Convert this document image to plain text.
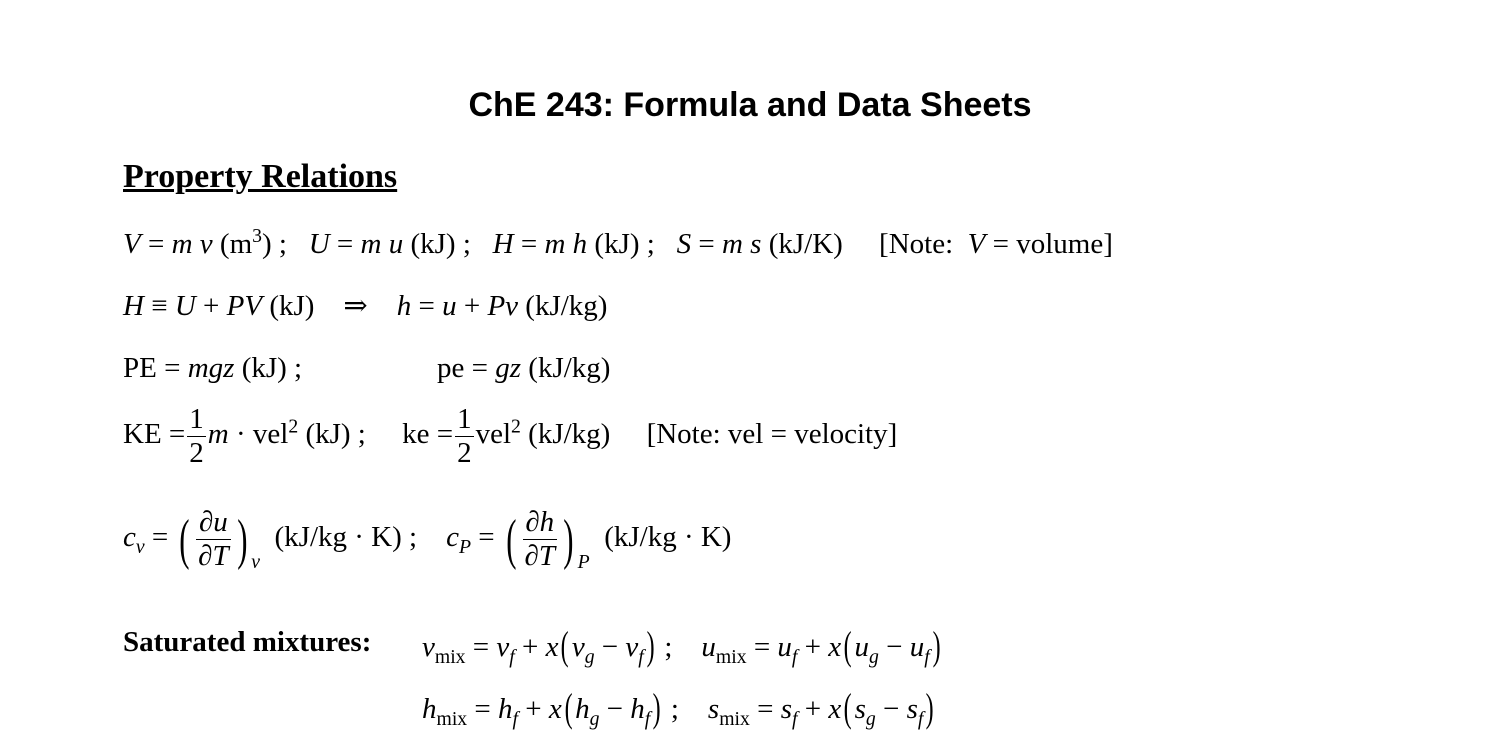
ChE 243: Formula and Data Sheets
Property Relations
V = m v $(m^3)$ ;   U = m u (kJ) ; H = m h (kJ) ; S = m s (kJ/K) [Note: V = volume]
H ≡ U + PV (kJ) ⇒ h = u + Pv (kJ/kg)
PE = mgz (kJ) ;	pe = gz (kJ/kg)
KE = $\frac{1}{2}$ m · vel$^2$ (kJ) ; ke = $\frac{1}{2} vel^2$ (kJ/kg) [Note: vel = velocity]
$c_v$ = ( $\frac{\partial u}{\partial T}$ ) $_v$  (kJ/kg · K) ; $c_P$ = ( $\frac{\partial h}{\partial T}$ ) $_P$  (kJ/kg · K)
Saturated mixtures: $v_{mix} = v_f + x(v_g - v_f)$ ;    $u_{mix} = u_f + x(u_g - u_f)$
$h_{mix} = h_f + x(h_g - h_f)$ ;    $s_{mix} = s_f + x(s_g - s_f)$
